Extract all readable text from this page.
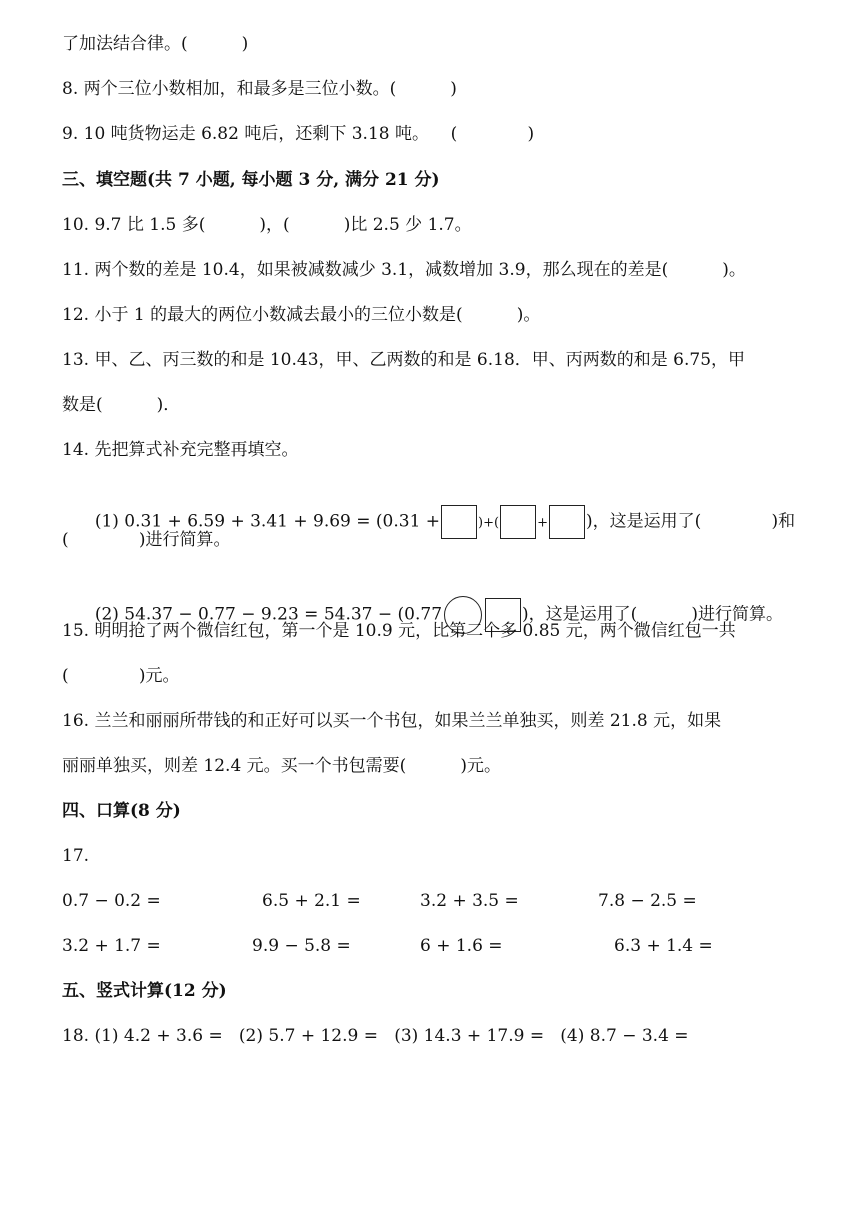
了加法结合律。(          )
8. 两个三位小数相加，和最多是三位小数。(          )
9. 10 吨货物运走 6.82 吨后，还剩下 3.18 吨。    (             )
三、填空题(共 7 小题, 每小题 3 分, 满分 21 分)
10. 9.7 比 1.5 多(          )，(          )比 2.5 少 1.7。
11. 两个数的差是 10.4，如果被减数减少 3.1，减数增加 3.9，那么现在的差是(          )。
12. 小于 1 的最大的两位小数减去最小的三位小数是(          )。
13. 甲、乙、丙三数的和是 10.43，甲、乙两数的和是 6.18．甲、丙两数的和是 6.75，甲
数是(          )．
14. 先把算式补充完整再填空。

(1) 0.31 + 6.59 + 3.41 + 9.69 = (0.31 +	)+(	+ )，这是运用了(             )和

(             )进行简算。

(2) 54.37 − 0.77 − 9.23 = 54.37 − (0.77	)，这是运用了(          )进行简算。

15. 明明抢了两个微信红包，第一个是 10.9 元，比第二个多 0.85 元，两个微信红包一共
(             )元。
16. 兰兰和丽丽所带钱的和正好可以买一个书包，如果兰兰单独买，则差 21.8 元，如果
丽丽单独买，则差 12.4 元。买一个书包需要(          )元。
四、口算(8 分)
17.
0.7 − 0.2 =	6.5 + 2.1 =	3.2 + 3.5 =	7.8 − 2.5 =
3.2 + 1.7 =	9.9 − 5.8 =	6 + 1.6 =	6.3 + 1.4 =
五、竖式计算(12 分)
18. (1) 4.2 + 3.6 =   (2) 5.7 + 12.9 =   (3) 14.3 + 17.9 =   (4) 8.7 − 3.4 =
